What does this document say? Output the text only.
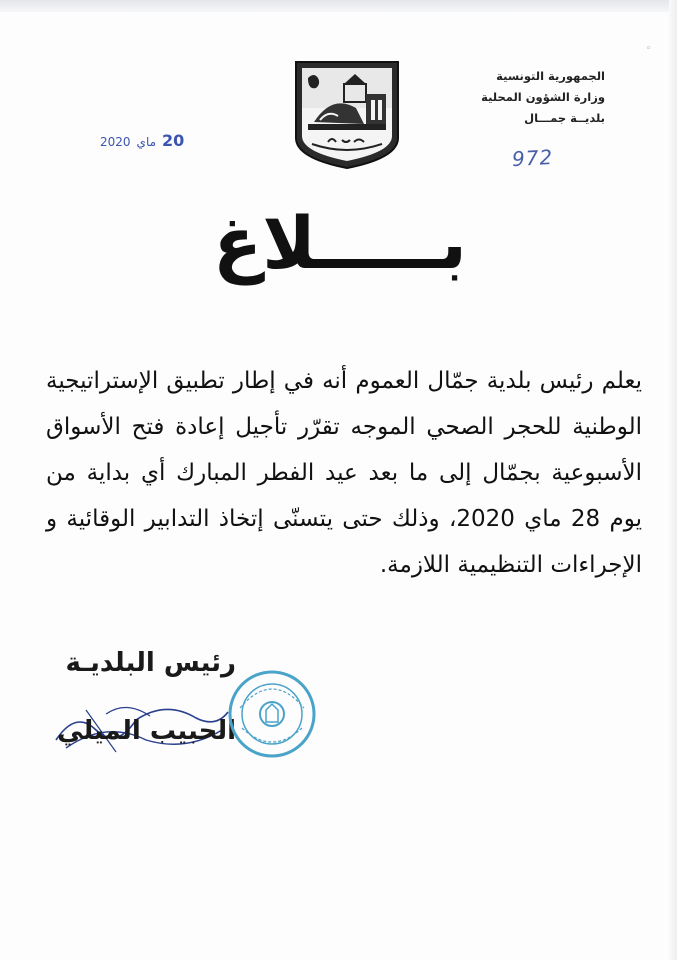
◦
الجمهورية التونسية
وزارة الشؤون المحلية
بلديــة جمـــال
972
20ماي2020
بـــــلاغ

يعلم رئيس بلدية جمّال العموم أنه في إطار تطبيق الإستراتيجية الوطنية للحجر الصحي الموجه تقرّر تأجيل إعادة فتح الأسواق الأسبوعية بجمّال إلى ما بعد عيد الفطر المبارك أي بداية من يوم 28 ماي 2020، وذلك حتى يتسنّى إتخاذ التدابير الوقائية و الإجراءات التنظيمية اللازمة.

رئيس البلديـة
الحبيب الميلي
